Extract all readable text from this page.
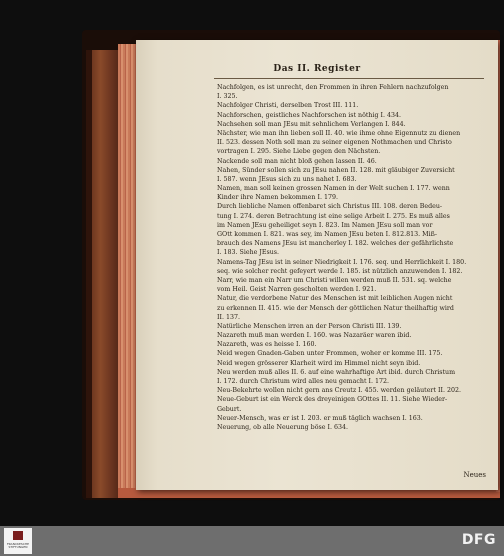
Das II. Register
Nachfolgen, es ist unrecht, den Frommen in ihren Fehlern nachzufolgen
I. 325.
Nachfolger Christi, derselben Trost III. 111.
Nachforschen, geistliches Nachforschen ist nöthig I. 434.
Nachsehen soll man JEsu mit sehnlichem Verlangen I. 844.
Nächster, wie man ihn lieben soll II. 40. wie ihme ohne Eigennutz zu dienen
II. 523. dessen Noth soll man zu seiner eigenen Nothmachen und Christo
vortragen I. 295. Siehe Liebe gegen den Nächsten.
Nackende soll man nicht bloß gehen lassen II. 46.
Nahen, Sünder sollen sich zu JEsu nahen II. 128. mit gläubiger Zuversicht
I. 587. wenn JEsus sich zu uns nahet I. 683.
Namen, man soll keinen grossen Namen in der Welt suchen I. 177. wenn
Kinder ihre Namen bekommen I. 179.
Durch liebliche Namen offenbaret sich Christus III. 108. deren Bedeu-
tung I. 274. deren Betrachtung ist eine selige Arbeit I. 275. Es muß alles
im Namen JEsu geheiliget seyn I. 823. Im Namen JEsu soll man vor
GOtt kommen I. 821. was sey, im Namen JEsu beten I. 812.813. Miß-
brauch des Namens JEsu ist mancherley I. 182. welches der gefährlichste
I. 183. Siehe JEsus.
Namens-Tag JEsu ist in seiner Niedrigkeit I. 176. seq. und Herrlichkeit I. 180.
seq. wie solcher recht gefeyert werde I. 185. ist nützlich anzuwenden I. 182.
Narr, wie man ein Narr um Christi willen werden muß II. 531. sq. welche
vom Heil. Geist Narren gescholten werden I. 921.
Natur, die verdorbene Natur des Menschen ist mit leiblichen Augen nicht
zu erkennen II. 415. wie der Mensch der göttlichen Natur theilhaftig wird
II. 137.
Natürliche Menschen irren an der Person Christi III. 139.
Nazareth muß man werden I. 160. was Nazaräer waren ibid.
Nazareth, was es heisse I. 160.
Neid wegen Gnaden-Gaben unter Frommen, woher er komme III. 175.
Neid wegen grösserer Klarheit wird im Himmel nicht seyn ibid.
Neu werden muß alles II. 6. auf eine wahrhaftige Art ibid. durch Christum
I. 172. durch Christum wird alles neu gemacht I. 172.
Neu-Bekehrte wollen nicht gern ans Creutz I. 455. werden geläutert II. 202.
Neue-Geburt ist ein Werck des dreyeinigen GOttes II. 11. Siehe Wieder-
Geburt.
Neuer-Mensch, was er ist I. 203. er muß täglich wachsen I. 163.
Neuerung, ob alle Neuerung böse I. 634.
Neues
FRANCKESCHE
STIFTUNGEN	DFG
